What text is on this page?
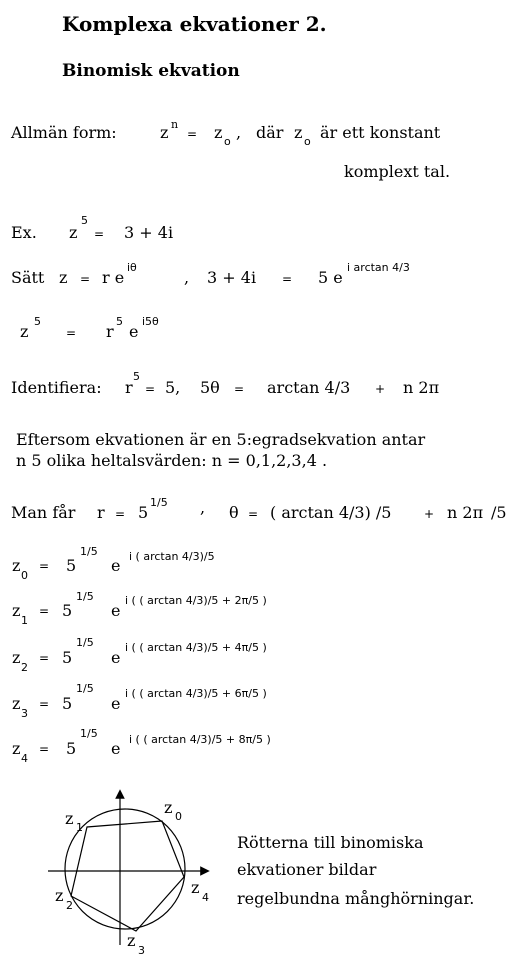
Komplexa ekvationer 2.
Binomisk ekvation
Allmän form:	z n
= z o , där z o är ett konstant
komplext tal.
Ex. z
5
= 3 + 4i
Sätt z = r e
iθ
, 3 + 4i = 5 e
i arctan 4/3
z
5
= r
5
e
i5θ
Identifiera: r
5
= 5, 5θ = arctan 4/3 + n 2π
Eftersom ekvationen är en 5:egradsekvation antar
n 5 olika heltalsvärden: n = 0,1,2,3,4 .
Man får r = 5
1/5 , θ = ( arctan 4/3) /5	+ n 2π /5
z
0
= 5
1/5
e i ( arctan 4/3)/5
z
1
= 5
1/5
e
i ( ( arctan 4/3)/5 + 2π/5 )
z
2
= 5
1/5
e
i ( ( arctan 4/3)/5 + 4π/5 )
z
3
= 5
1/5
e
i ( ( arctan 4/3)/5 + 6π/5 )
z
4
= 5
1/5
e i ( ( arctan 4/3)/5 + 8π/5 )
z 0
z 1
z
2
z
3
z
4
Rötterna till binomiska
ekvationer bildar
regelbundna månghörningar.
